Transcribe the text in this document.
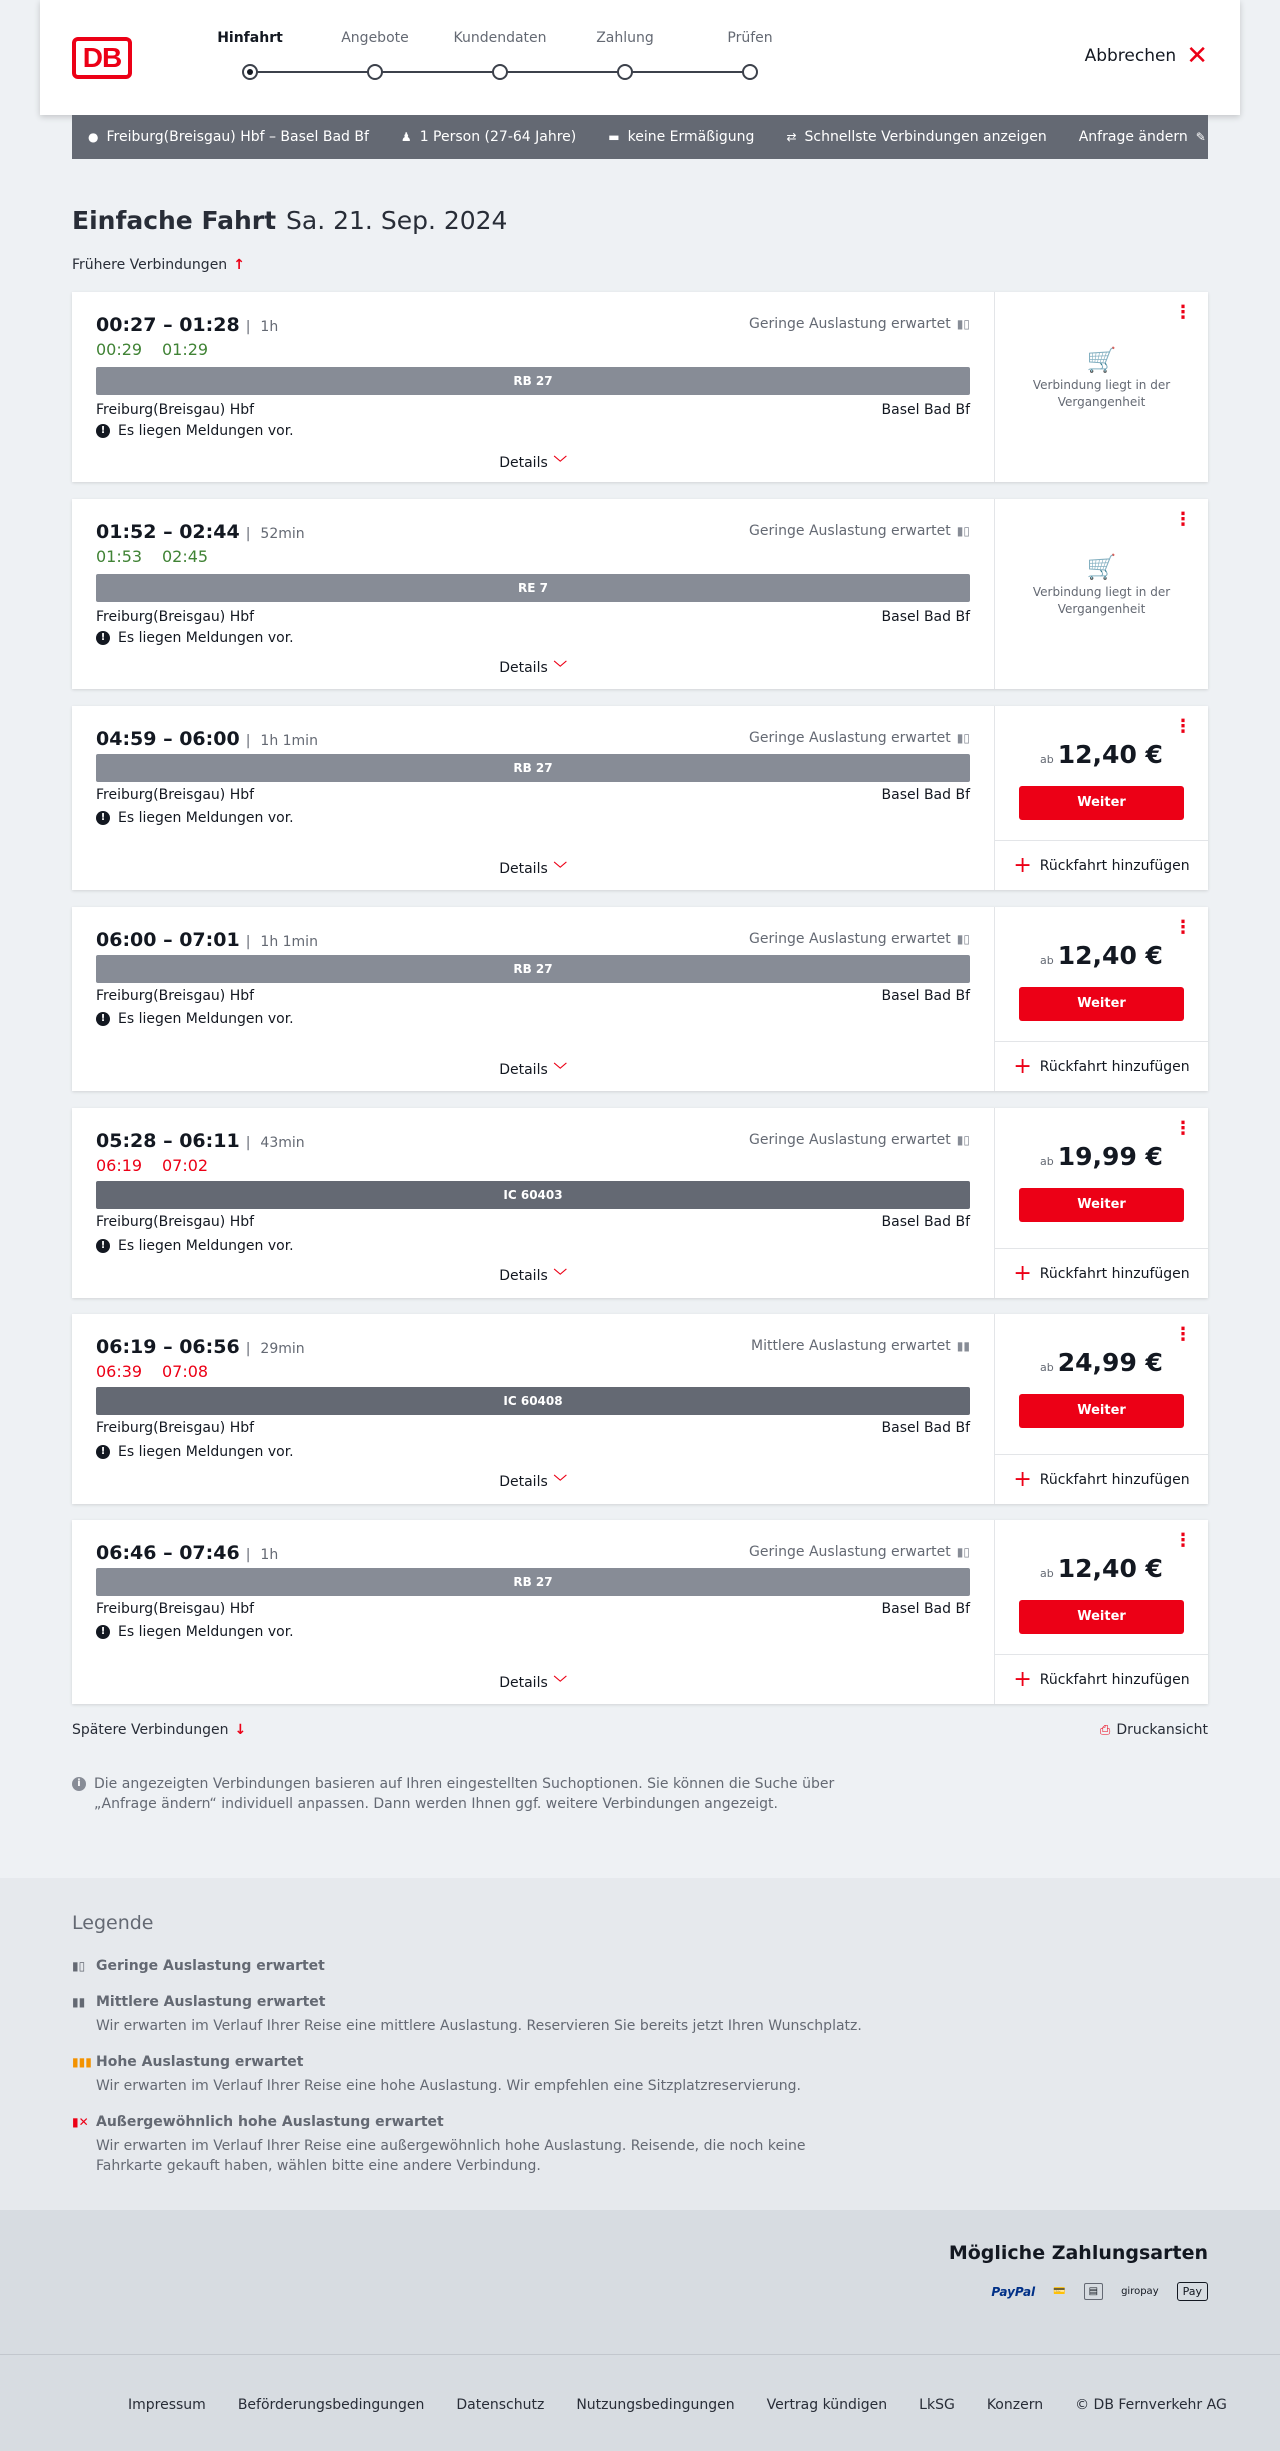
DB
Hinfahrt	Angebote	Kundendaten	Zahlung	Prüfen
Abbrechen ✕
● Freiburg(Breisgau) Hbf – Basel Bad Bf	♟ 1 Person (27-64 Jahre)	▬ keine Ermäßigung	⇄ Schnellste Verbindungen anzeigen Anfrage ändern ✎
Einfache Fahrt Sa. 21. Sep. 2024
Frühere Verbindungen ↑
00:27 – 01:28 | 1h
00:29 01:29
Geringe Auslastung erwartet ▮▯
RB 27
Freiburg(Breisgau) Hbf	Basel Bad Bf
! Es liegen Meldungen vor.
Details ﹀
⋮
🛒
Verbindung liegt in der Vergangenheit
01:52 – 02:44 | 52min
01:53 02:45
Geringe Auslastung erwartet ▮▯
RE 7
Freiburg(Breisgau) Hbf	Basel Bad Bf
! Es liegen Meldungen vor.
Details ﹀
⋮
🛒
Verbindung liegt in der Vergangenheit
04:59 – 06:00 | 1h 1min	Geringe Auslastung erwartet ▮▯
RB 27
Freiburg(Breisgau) Hbf	Basel Bad Bf
! Es liegen Meldungen vor.
Details ﹀
⋮
ab 12,40 €
Weiter
+ Rückfahrt hinzufügen
06:00 – 07:01 | 1h 1min	Geringe Auslastung erwartet ▮▯
RB 27
Freiburg(Breisgau) Hbf	Basel Bad Bf
! Es liegen Meldungen vor.
Details ﹀
⋮
ab 12,40 €
Weiter
+ Rückfahrt hinzufügen
05:28 – 06:11 | 43min
06:19 07:02
Geringe Auslastung erwartet ▮▯
IC 60403
Freiburg(Breisgau) Hbf	Basel Bad Bf
! Es liegen Meldungen vor.
Details ﹀
⋮
ab 19,99 €
Weiter
+ Rückfahrt hinzufügen
06:19 – 06:56 | 29min
06:39 07:08
Mittlere Auslastung erwartet ▮▮
IC 60408
Freiburg(Breisgau) Hbf	Basel Bad Bf
! Es liegen Meldungen vor.
Details ﹀
⋮
ab 24,99 €
Weiter
+ Rückfahrt hinzufügen
06:46 – 07:46 | 1h	Geringe Auslastung erwartet ▮▯
RB 27
Freiburg(Breisgau) Hbf	Basel Bad Bf
! Es liegen Meldungen vor.
Details ﹀
⋮
ab 12,40 €
Weiter
+ Rückfahrt hinzufügen
Spätere Verbindungen ↓	⎙ Druckansicht
i Die angezeigten Verbindungen basieren auf Ihren eingestellten Suchoptionen. Sie können die Suche über „Anfrage ändern“ individuell anpassen. Dann werden Ihnen ggf. weitere Verbindungen angezeigt.
Legende
▮▯ Geringe Auslastung erwartet
▮▮ Mittlere Auslastung erwartet
Wir erwarten im Verlauf Ihrer Reise eine mittlere Auslastung. Reservieren Sie bereits jetzt Ihren Wunschplatz.
▮▮▮ Hohe Auslastung erwartet
Wir erwarten im Verlauf Ihrer Reise eine hohe Auslastung. Wir empfehlen eine Sitzplatzreservierung.
▮✕ Außergewöhnlich hohe Auslastung erwartet
Wir erwarten im Verlauf Ihrer Reise eine außergewöhnlich hohe Auslastung. Reisende, die noch keine Fahrkarte gekauft haben, wählen bitte eine andere Verbindung.
Mögliche Zahlungsarten
PayPal 💳	▤	giropay	Pay
Impressum Beförderungsbedingungen Datenschutz Nutzungsbedingungen Vertrag kündigen LkSG Konzern © DB Fernverkehr AG
